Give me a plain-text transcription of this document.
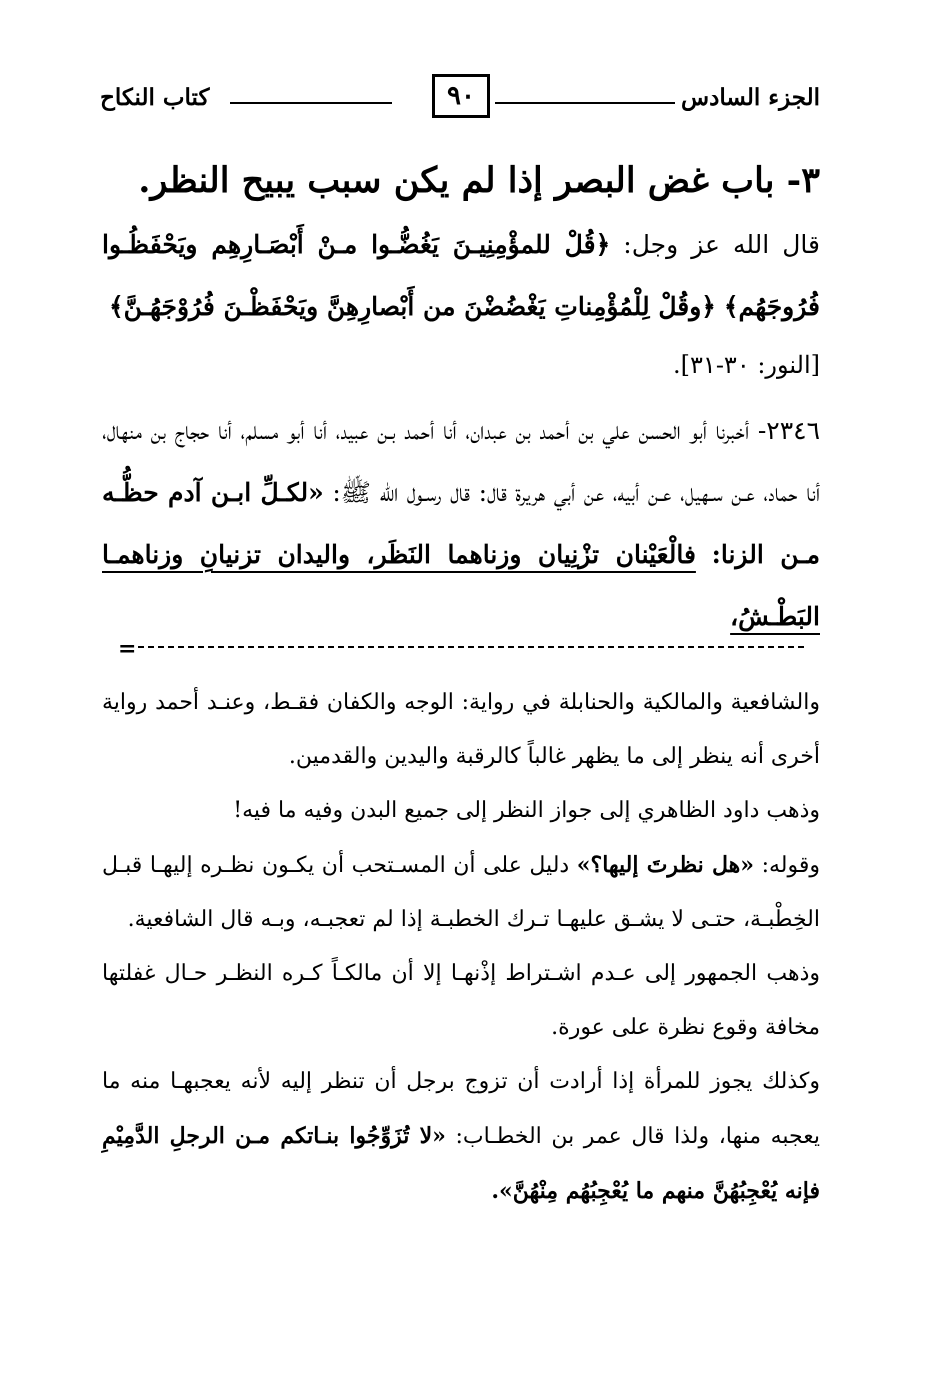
الجزء السادس
٩٠
كتاب النكاح
٣- باب غض البصر إذا لم يكن سبب يبيح النظر.

قال الله عز وجل: ﴿قُلْ للمؤْمِنِيـنَ يَغُضُّـوا مـنْ أَبْصَـارِهِم ويَحْفَظُـوا فُرُوجَهُم﴾ ﴿وقُلْ لِلْمُؤْمِناتِ يَغْضُضْنَ من أَبْصارِهِنَّ ويَحْفَظْـنَ فُرُوْجَهُـنَّ﴾
[النور: ٣٠-٣١].

٢٣٤٦- أخبرنا أبو الحسن علي بن أحمد بن عبدان، أنا أحمد بـن عبيد، أنا أبو مسلم، أنا حجاج بن منهال، أنا حماد، عـن سـهيل، عـن أبيه، عن أبي هريرة قال: قال رسـول الله ﷺ: «لكـلِّ ابـن آدم حظُّـه مـن الزنا: فالْعَيْنان تزْنِيان وزناهما النَظَر، واليدان تزنيانِ وزناهمـا البَطْـشُ،

=

والشافعية والمالكية والحنابلة في رواية: الوجه والكفان فقـط، وعنـد أحمد رواية أخرى أنه ينظر إلى ما يظهر غالباً كالرقبة واليدين والقدمين.

وذهب داود الظاهري إلى جواز النظر إلى جميع البدن وفيه ما فيه!

وقوله: «هل نظرتَ إليها؟» دليل على أن المسـتحب أن يكـون نظـره إليهـا قبـل الخِطْبـة، حتـى لا يشـق عليهـا تـرك الخطبـة إذا لم تعجبـه، وبـه قال الشافعية.

وذهب الجمهور إلى عـدم اشـتراط إذْنهـا إلا أن مالكـاً كـره النظـر حـال غفلتها مخافة وقوع نظرة على عورة.

وكذلك يجوز للمرأة إذا أرادت أن تزوج برجل أن تنظر إليه لأنه يعجبهـا منه ما يعجبه منها، ولذا قال عمر بن الخطـاب: «لا تُزَوِّجُوا بنـاتكم مـن الرجلِ الدَّمِيْمِ فإنه يُعْجِبُهُنَّ منهم ما يُعْجِبُهُم مِنْهُنَّ».
